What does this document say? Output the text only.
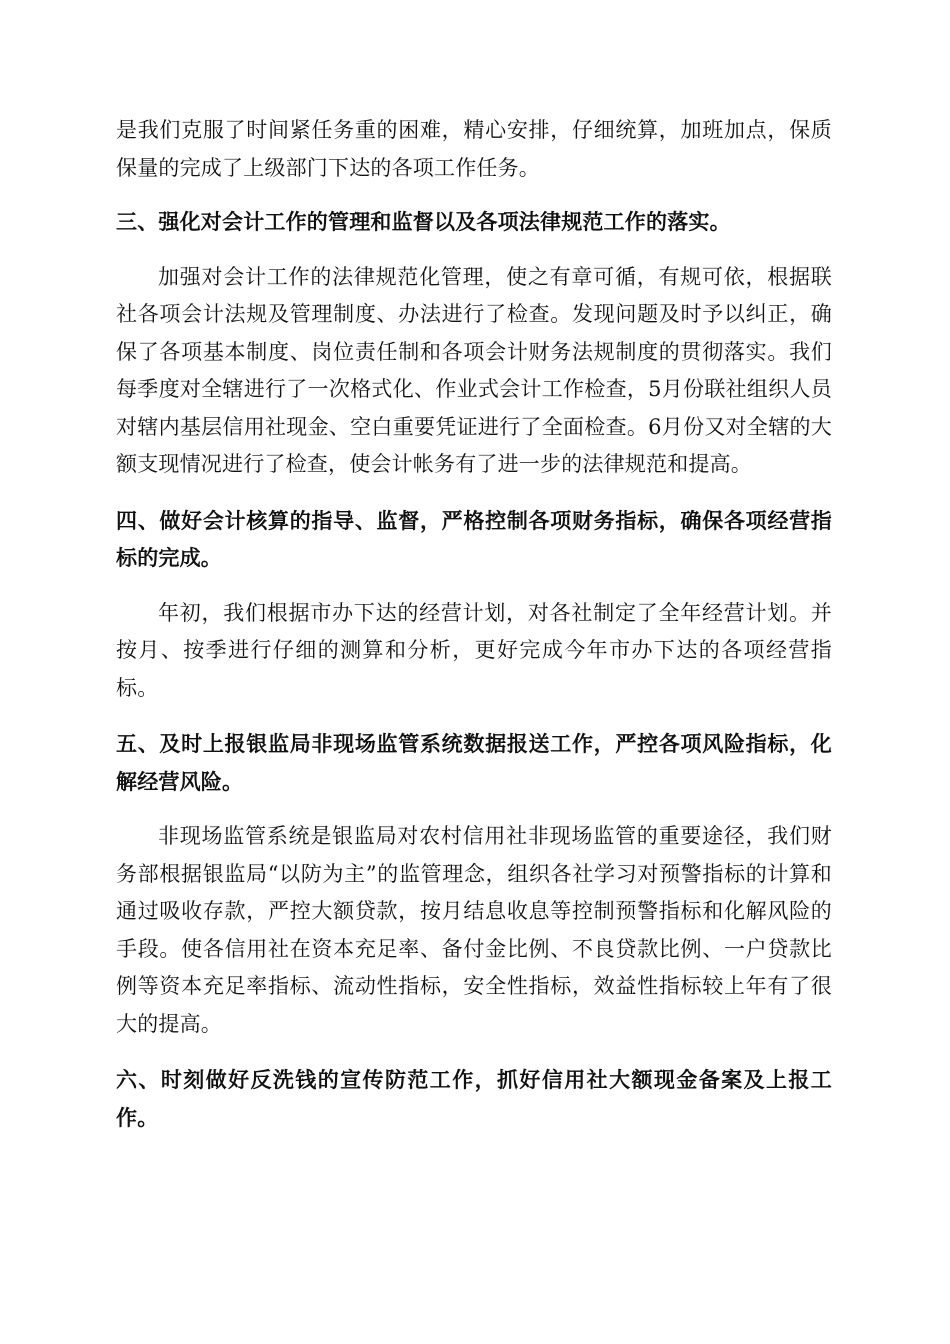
是我们克服了时间紧任务重的困难，精心安排，仔细统算，加班加点，保质保量的完成了上级部门下达的各项工作任务。

三、强化对会计工作的管理和监督以及各项法律规范工作的落实。

加强对会计工作的法律规范化管理，使之有章可循，有规可依，根据联社各项会计法规及管理制度、办法进行了检查。发现问题及时予以纠正，确保了各项基本制度、岗位责任制和各项会计财务法规制度的贯彻落实。我们每季度对全辖进行了一次格式化、作业式会计工作检查，5月份联社组织人员对辖内基层信用社现金、空白重要凭证进行了全面检查。6月份又对全辖的大额支现情况进行了检查，使会计帐务有了进一步的法律规范和提高。

四、做好会计核算的指导、监督，严格控制各项财务指标，确保各项经营指标的完成。

年初，我们根据市办下达的经营计划，对各社制定了全年经营计划。并按月、按季进行仔细的测算和分析，更好完成今年市办下达的各项经营指标。

五、及时上报银监局非现场监管系统数据报送工作，严控各项风险指标，化解经营风险。

非现场监管系统是银监局对农村信用社非现场监管的重要途径，我们财务部根据银监局“以防为主”的监管理念，组织各社学习对预警指标的计算和通过吸收存款，严控大额贷款，按月结息收息等控制预警指标和化解风险的手段。使各信用社在资本充足率、备付金比例、不良贷款比例、一户贷款比例等资本充足率指标、流动性指标，安全性指标，效益性指标较上年有了很大的提高。

六、时刻做好反洗钱的宣传防范工作，抓好信用社大额现金备案及上报工作。
